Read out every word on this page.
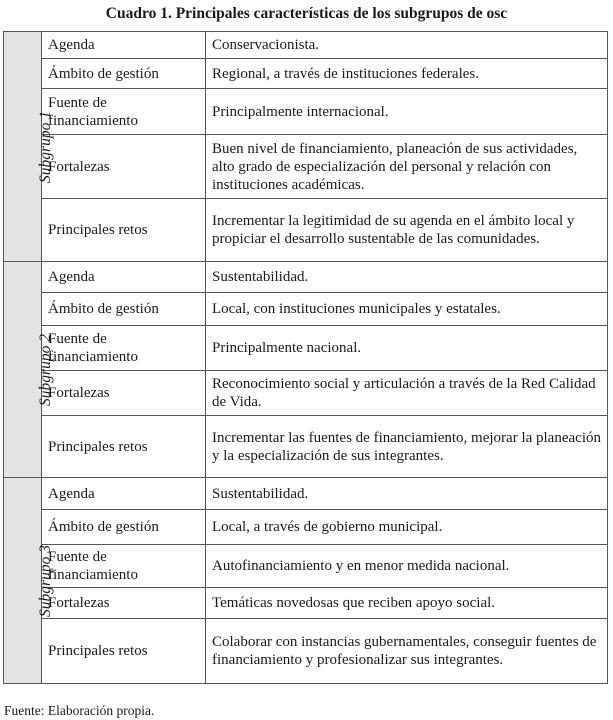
Cuadro 1. Principales características de los subgrupos de osc
Subgrupo 1	Agenda	Conservacionista.
	Ámbito de gestión	Regional, a través de instituciones federales.
	Fuente de financiamiento	Principalmente internacional.
	Fortalezas	Buen nivel de financiamiento, planeación de sus actividades, alto grado de especialización del personal y relación con instituciones académicas.
	Principales retos	Incrementar la legitimidad de su agenda en el ámbito local y propiciar el desarrollo sustentable de las comunidades.
Subgrupo 2	Agenda	Sustentabilidad.
	Ámbito de gestión	Local, con instituciones municipales y estatales.
	Fuente de financiamiento	Principalmente nacional.
	Fortalezas	Reconocimiento social y articulación a través de la Red Calidad de Vida.
	Principales retos	Incrementar las fuentes de financiamiento, mejorar la planeación y la especialización de sus integrantes.
Subgrupo 3	Agenda	Sustentabilidad.
	Ámbito de gestión	Local, a través de gobierno municipal.
	Fuente de financiamiento	Autofinanciamiento y en menor medida nacional.
	Fortalezas	Temáticas novedosas que reciben apoyo social.
	Principales retos	Colaborar con instancias gubernamentales, conseguir fuentes de financiamiento y profesionalizar sus integrantes.
Fuente: Elaboración propia.
